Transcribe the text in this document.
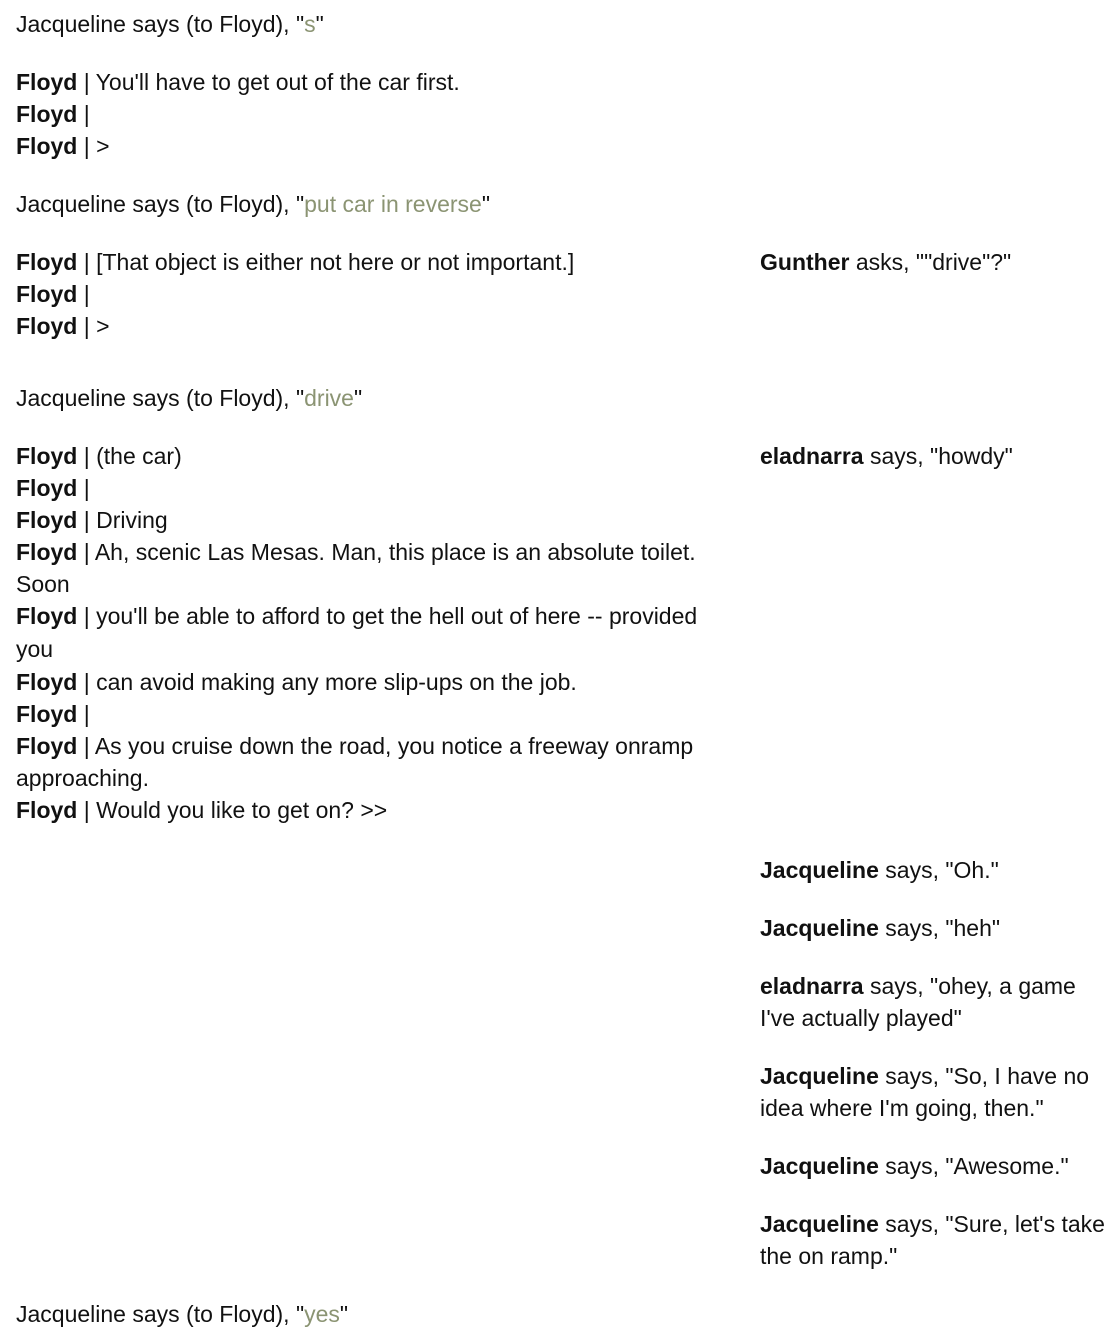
Jacqueline says (to Floyd), "s"
Floyd | You'll have to get out of the car first.
Floyd |
Floyd | >
Jacqueline says (to Floyd), "put car in reverse"
Floyd | [That object is either not here or not important.]
Floyd |
Floyd | >
Jacqueline says (to Floyd), "drive"
Floyd | (the car)
Floyd |
Floyd | Driving
Floyd | Ah, scenic Las Mesas. Man, this place is an absolute toilet. Soon
Floyd | you'll be able to afford to get the hell out of here -- provided you
Floyd | can avoid making any more slip-ups on the job.
Floyd |
Floyd | As you cruise down the road, you notice a freeway onramp approaching.
Floyd | Would you like to get on? >>
Jacqueline says (to Floyd), "yes"
Gunther asks, ""drive"?"
eladnarra says, "howdy"
Jacqueline says, "Oh."
Jacqueline says, "heh"
eladnarra says, "ohey, a game I've actually played"
Jacqueline says, "So, I have no idea where I'm going, then."
Jacqueline says, "Awesome."
Jacqueline says, "Sure, let's take the on ramp."
